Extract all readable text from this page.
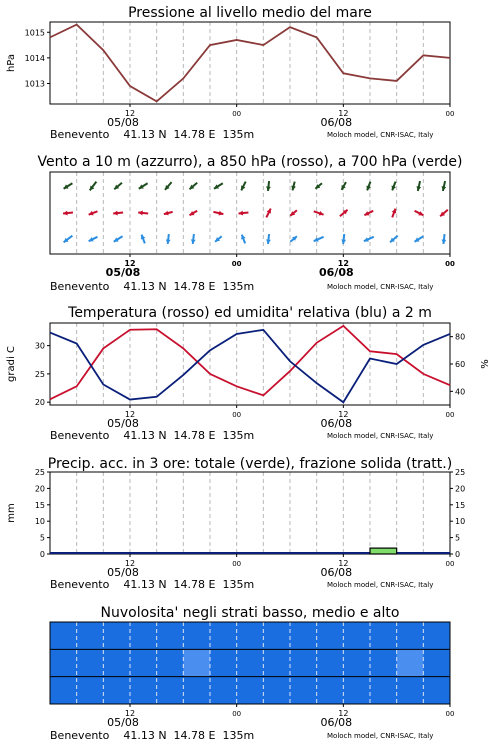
Pressione al livello medio del mare
Vento a 10 m (azzurro), a 850 hPa (rosso), a 700 hPa (verde)
Temperatura (rosso) ed umidita' relativa (blu) a 2 m
Precip. acc. in 3 ore: totale (verde), frazione solida (tratt.)
Nuvolosita' negli strati basso, medio e alto
Benevento    41.13 N  14.78 E  135m	Moloch model, CNR-ISAC, Italy
Benevento    41.13 N  14.78 E  135m	Moloch model, CNR-ISAC, Italy
Benevento    41.13 N  14.78 E  135m	Moloch model, CNR-ISAC, Italy
Benevento    41.13 N  14.78 E  135m	Moloch model, CNR-ISAC, Italy
Benevento    41.13 N  14.78 E  135m	Moloch model, CNR-ISAC, Italy
12	00	12	00
05/08	06/08
1013
1014
1015
hPa
12	00	12	00
05/08	06/08
12	00	12	00
05/08	06/08
20
25
30
40
60
80
gradi C	%
12	00	12	00
05/08	06/08
0	0
5	5
10	10
15	15
20	20
25	25
mm
12	00	12	00
05/08	06/08
